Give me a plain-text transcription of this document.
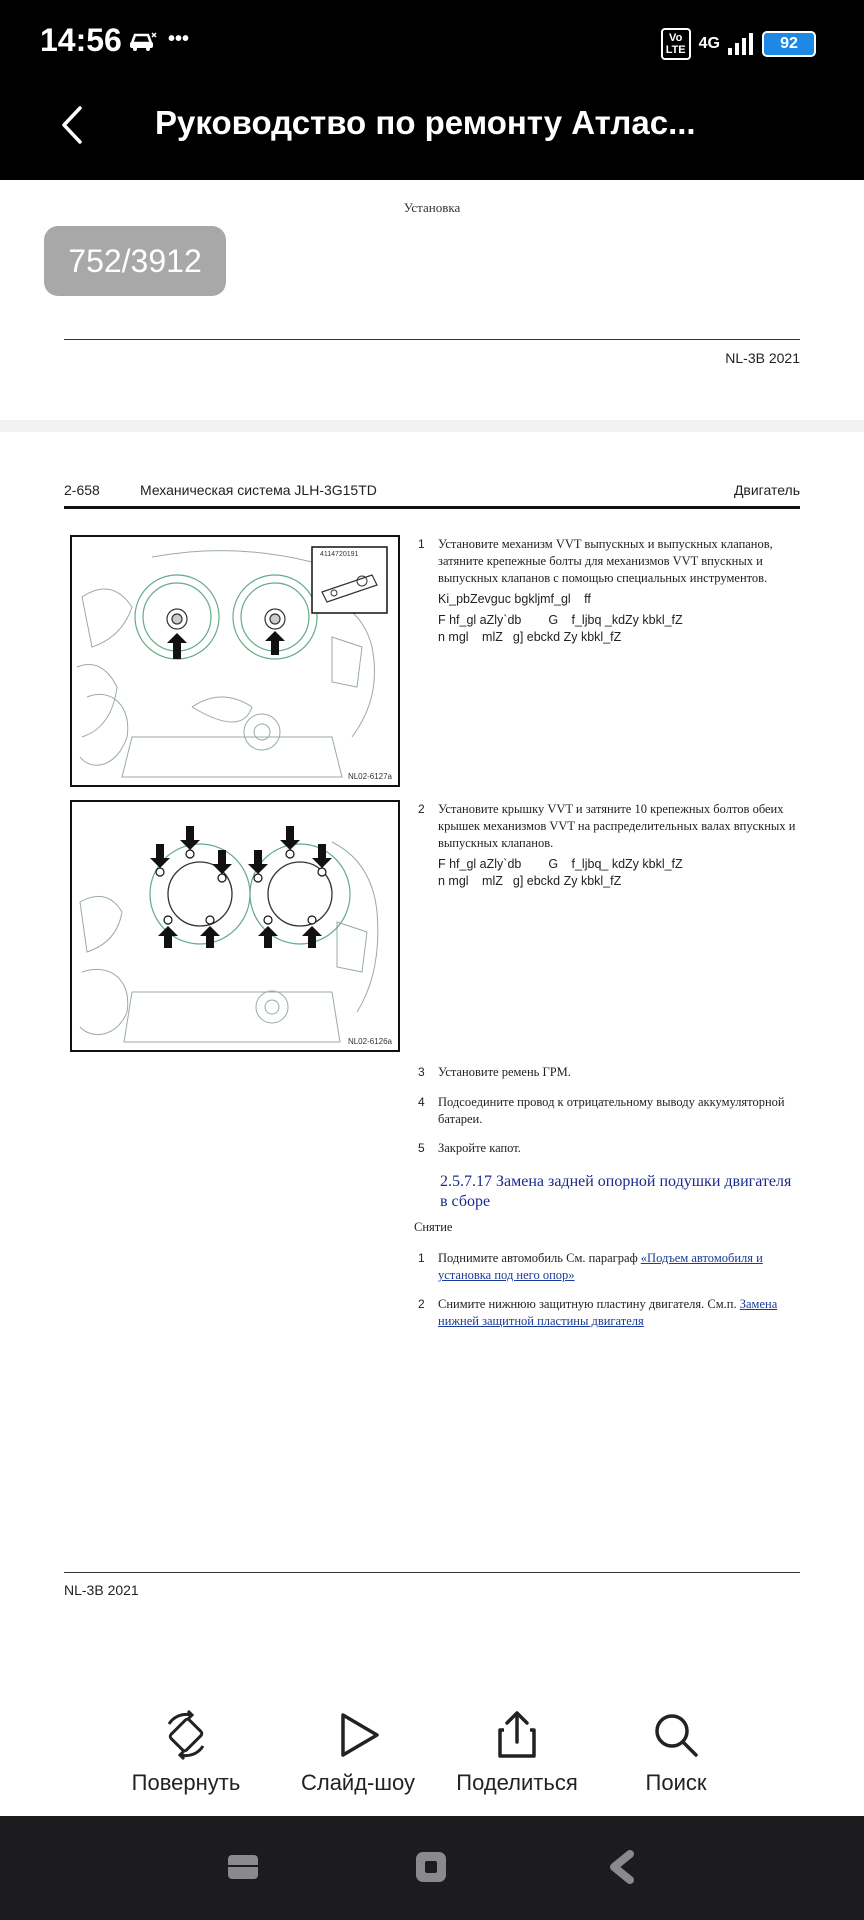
14:56 •••	Vo
LTE 4G	92
Руководство по ремонту Атлас...
Установка
752/3912
NL-3B 2021
2-658	Механическая система JLH-3G15TD	Двигатель
4114720191
NL02-6127a
NL02-6126a
1 Установите механизм VVT выпускных и выпускных клапанов, затяните крепежные болты для механизмов VVT впускных и выпускных клапанов с помощью специальных инструментов.
Ki_pbZevguc bgkljmf_gl ff
F hf_gl aZly`db  G f_ljbq _kdZy kbkl_fZ 
n mgl mlZg] ebckd Zy kbkl_fZ
2 Установите крышку VVT и затяните 10 крепежных болтов обеих крышек механизмов VVT на распределительных валах впускных и выпускных клапанов.
F hf_gl aZly`db  G f_ljbq_ kdZy kbkl_fZ 
n mgl mlZg] ebckd Zy kbkl_fZ
3 Установите ремень ГРМ.
4 Подсоедините провод к отрицательному выводу аккумуляторной батареи.
5 Закройте капот.
2.5.7.17 Замена задней опорной подушки двигателя в сборе
Снятие
1 Поднимите автомобиль См. параграф «Подъем автомобиля и установка под него опор»
2 Снимите нижнюю защитную пластину двигателя. См.п. Замена нижней защитной пластины двигателя
NL-3B 2021
Повернуть	Слайд-шоу	Поделиться	Поиск
